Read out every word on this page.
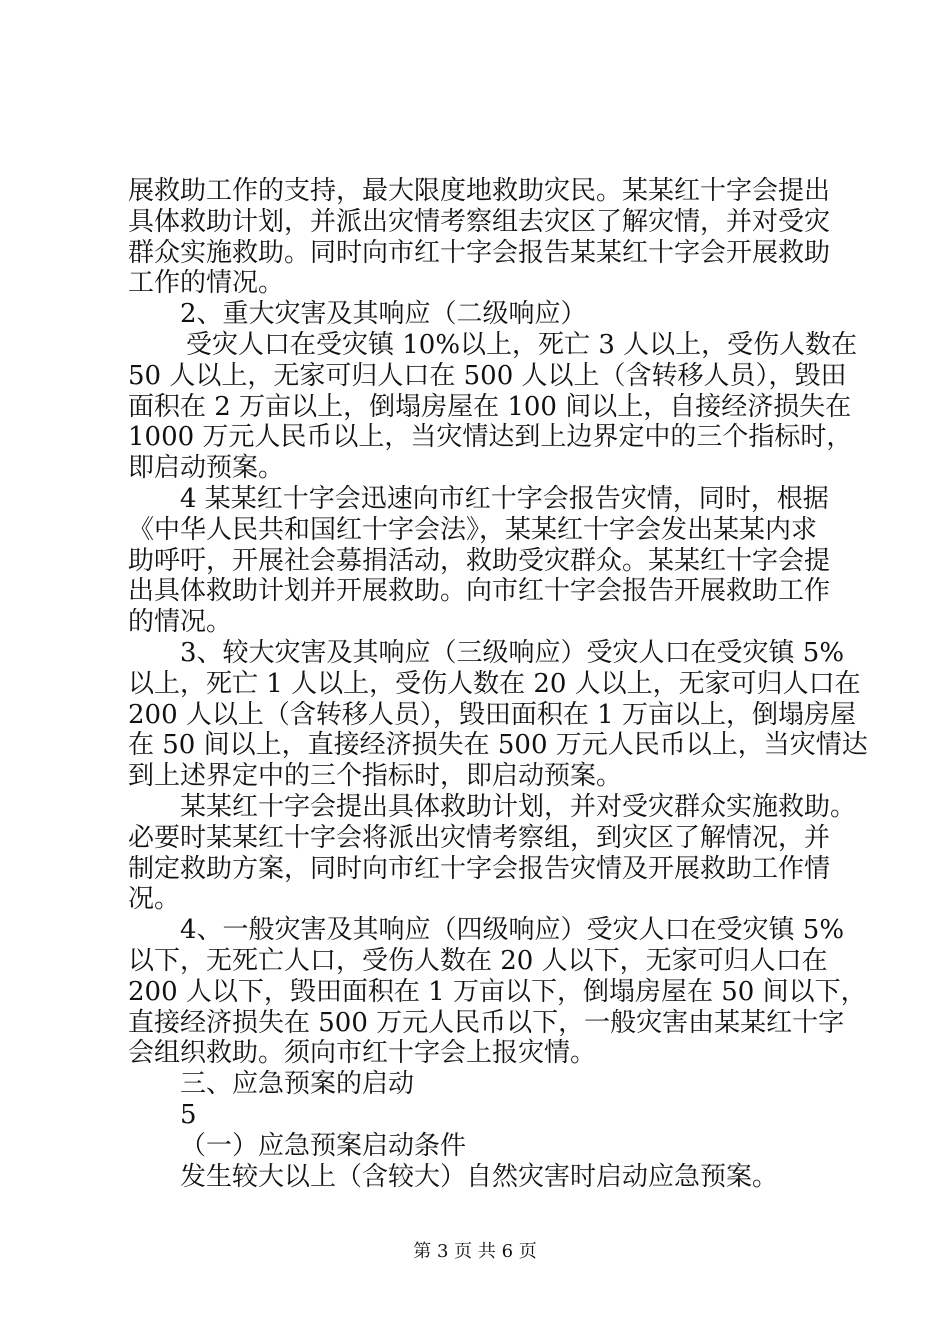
展救助工作的支持，最大限度地救助灾民。某某红十字会提出
具体救助计划，并派出灾情考察组去灾区了解灾情，并对受灾
群众实施救助。同时向市红十字会报告某某红十字会开展救助
工作的情况。
2、重大灾害及其响应（二级响应）
受灾人口在受灾镇 10%以上，死亡 3 人以上，受伤人数在
50 人以上，无家可归人口在 500 人以上（含转移人员），毁田
面积在 2 万亩以上，倒塌房屋在 100 间以上，自接经济损失在
1000 万元人民币以上，当灾情达到上边界定中的三个指标时，
即启动预案。
4 某某红十字会迅速向市红十字会报告灾情，同时，根据
《中华人民共和国红十字会法》，某某红十字会发出某某内求
助呼吁，开展社会募捐活动，救助受灾群众。某某红十字会提
出具体救助计划并开展救助。向市红十字会报告开展救助工作
的情况。
3、较大灾害及其响应（三级响应）受灾人口在受灾镇 5%
以上，死亡 1 人以上，受伤人数在 20 人以上，无家可归人口在
200 人以上（含转移人员），毁田面积在 1 万亩以上，倒塌房屋
在 50 间以上，直接经济损失在 500 万元人民币以上，当灾情达
到上述界定中的三个指标时，即启动预案。
某某红十字会提出具体救助计划，并对受灾群众实施救助。
必要时某某红十字会将派出灾情考察组，到灾区了解情况，并
制定救助方案，同时向市红十字会报告灾情及开展救助工作情
况。
4、一般灾害及其响应（四级响应）受灾人口在受灾镇 5%
以下，无死亡人口，受伤人数在 20 人以下，无家可归人口在
200 人以下，毁田面积在 1 万亩以下，倒塌房屋在 50 间以下，
直接经济损失在 500 万元人民币以下，一般灾害由某某红十字
会组织救助。须向市红十字会上报灾情。
三、应急预案的启动
5
（一）应急预案启动条件
发生较大以上（含较大）自然灾害时启动应急预案。
第 3 页 共 6 页
